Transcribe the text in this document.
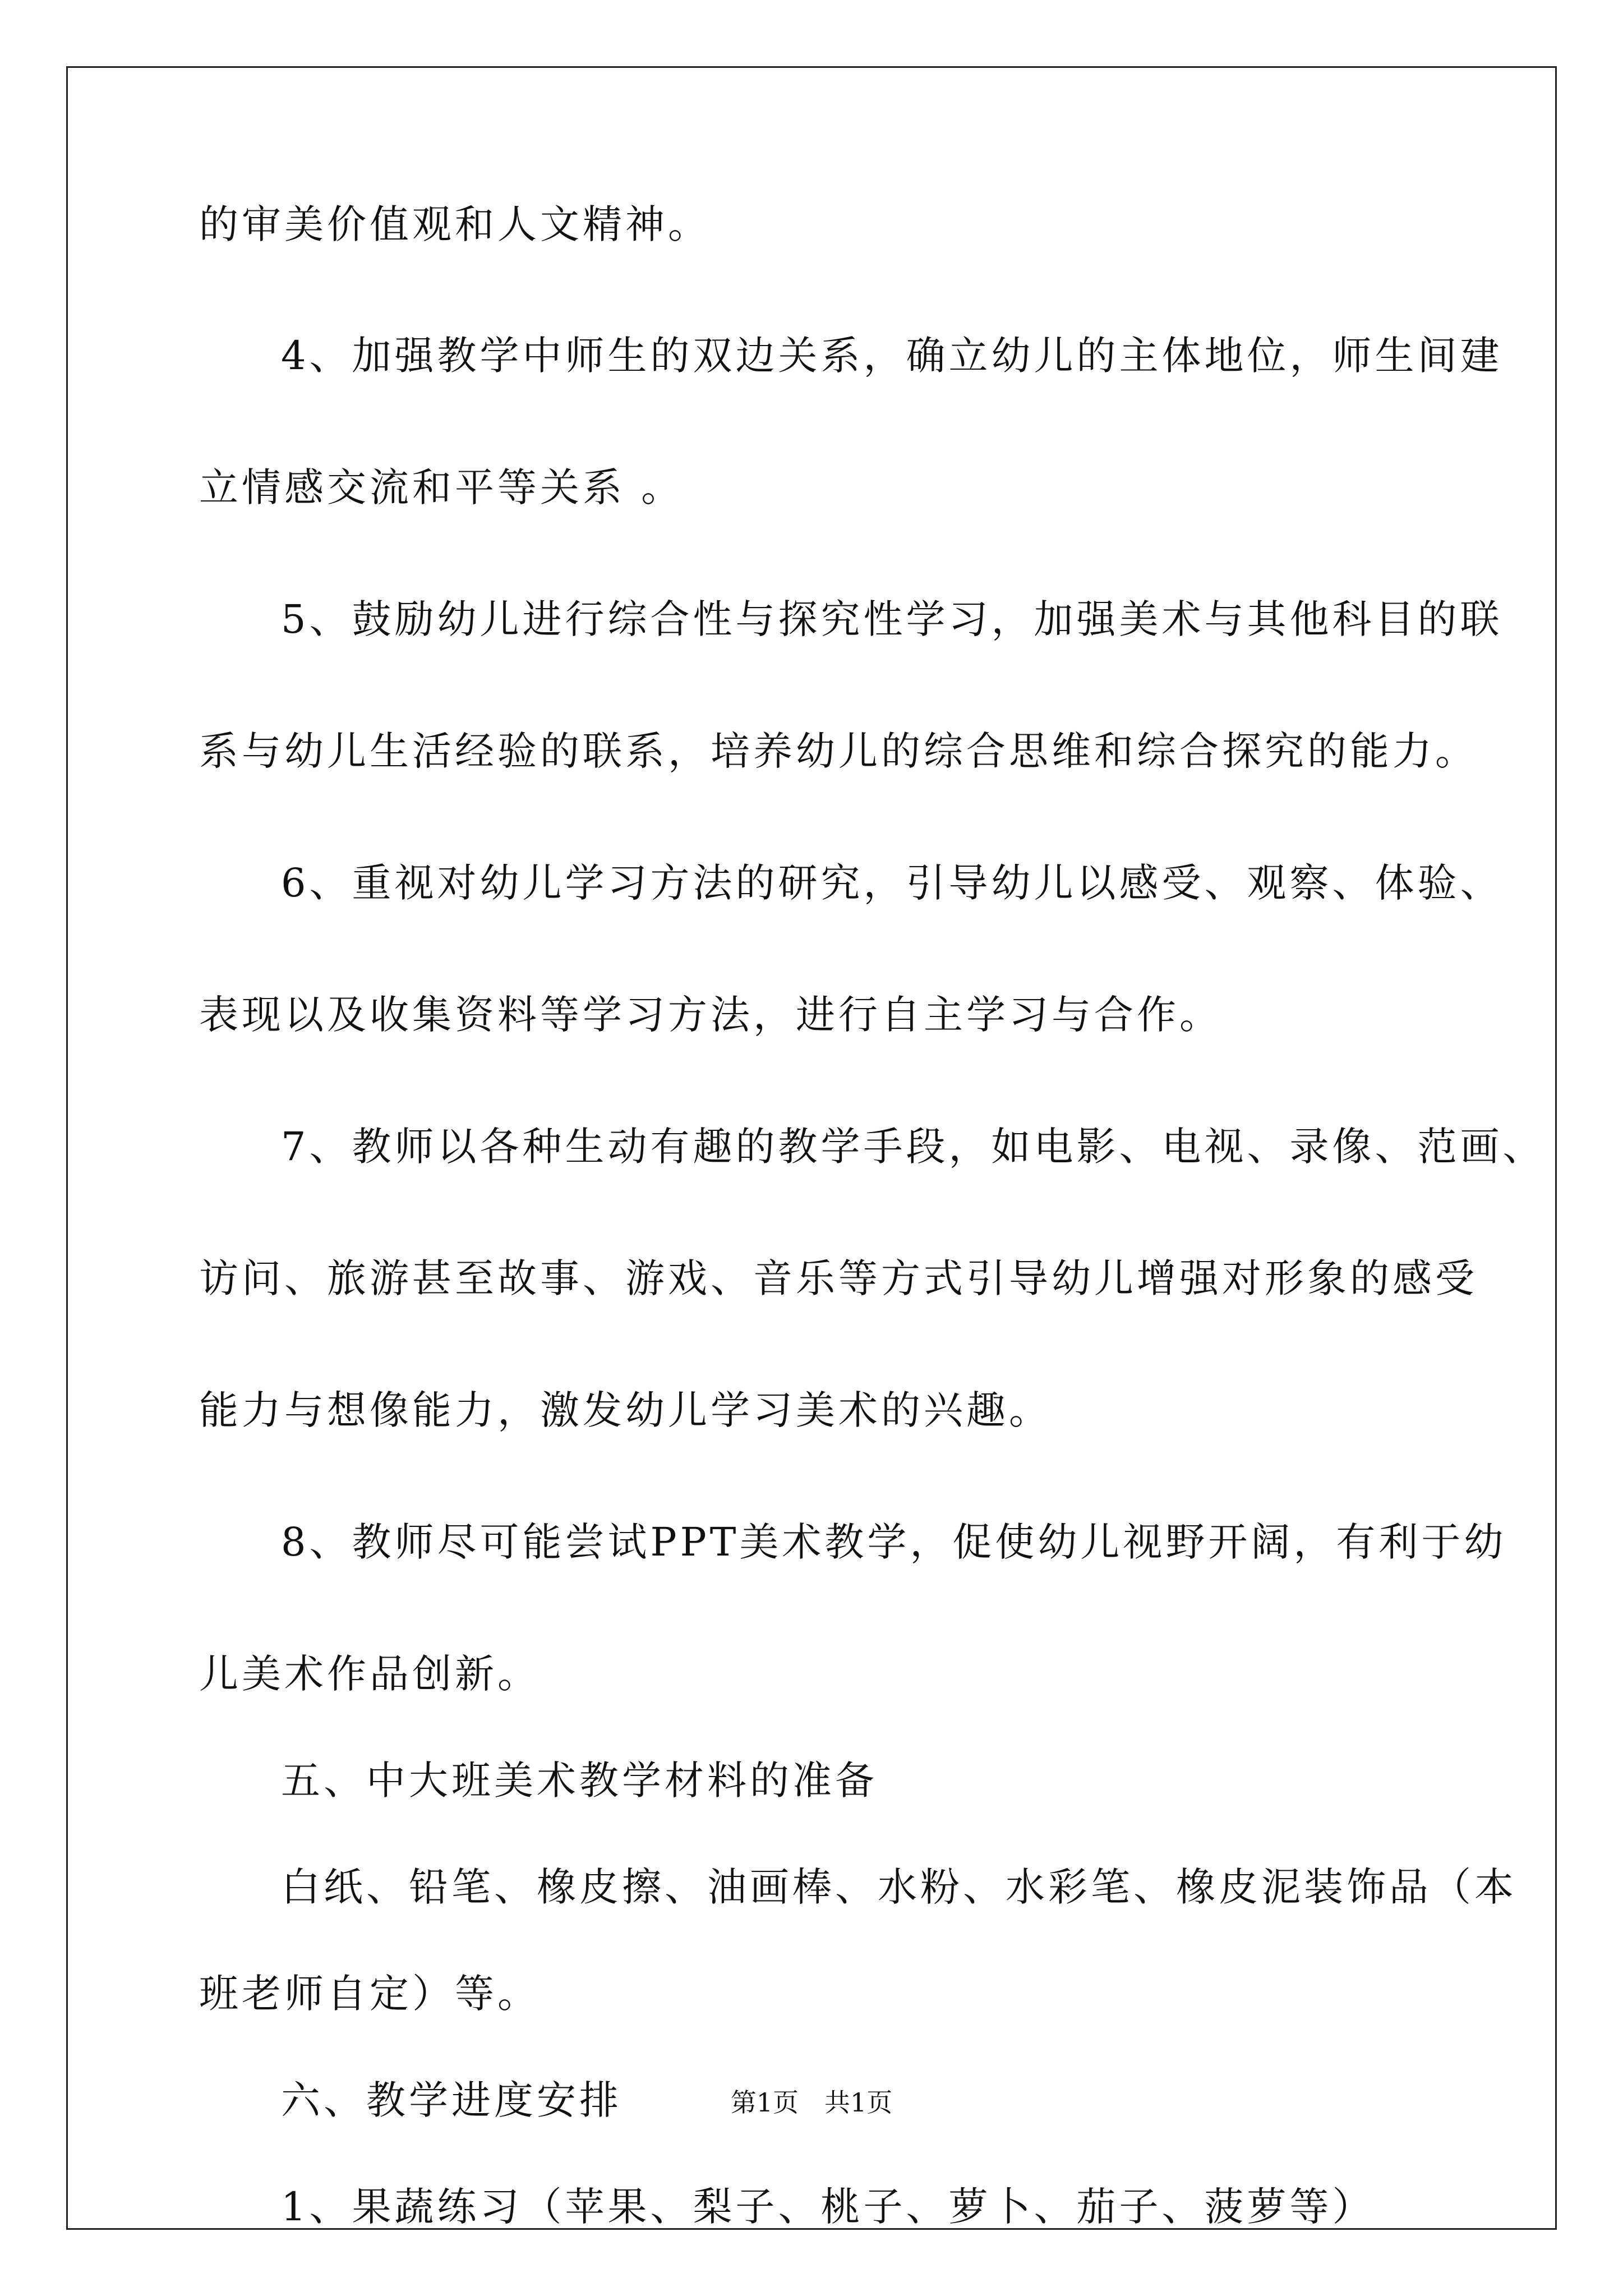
的审美价值观和人文精神。
4、加强教学中师生的双边关系，确立幼儿的主体地位，师生间建
立情感交流和平等关系 。
5、鼓励幼儿进行综合性与探究性学习，加强美术与其他科目的联
系与幼儿生活经验的联系，培养幼儿的综合思维和综合探究的能力。
6、重视对幼儿学习方法的研究，引导幼儿以感受、观察、体验、
表现以及收集资料等学习方法，进行自主学习与合作。
7、教师以各种生动有趣的教学手段，如电影、电视、录像、范画、
访问、旅游甚至故事、游戏、音乐等方式引导幼儿增强对形象的感受
能力与想像能力，激发幼儿学习美术的兴趣。
8、教师尽可能尝试PPT美术教学，促使幼儿视野开阔，有利于幼
儿美术作品创新。
五、中大班美术教学材料的准备
白纸、铅笔、橡皮擦、油画棒、水粉、水彩笔、橡皮泥装饰品（本
班老师自定）等。
六、教学进度安排
1、果蔬练习（苹果、梨子、桃子、萝卜、茄子、菠萝等）
第1页　共1页
